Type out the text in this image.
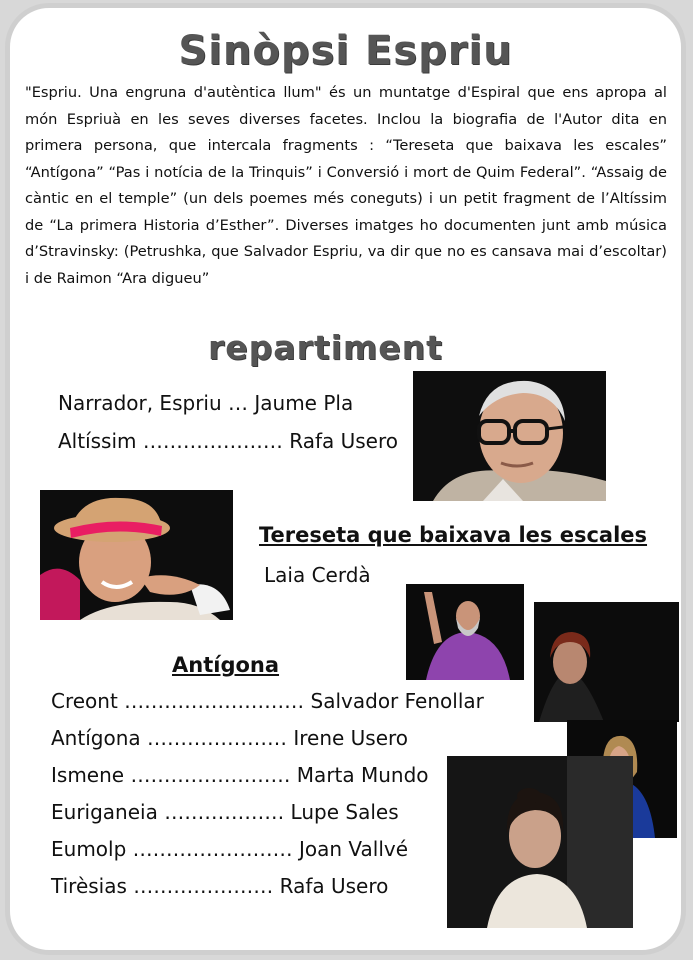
Sinòpsi Espriu

"Espriu. Una engruna d'autèntica llum" és un muntatge d'Espiral que ens apropa al món Espriuà en les seves diverses facetes. Inclou la biografia de l'Autor dita en primera persona, que intercala fragments : “Tereseta que baixava les escales” “Antígona” “Pas i notícia de la Trinquis” i Conversió i mort de Quim Federal”. “Assaig de càntic en el temple” (un dels poemes més coneguts) i un petit fragment de l’Altíssim de “La primera Historia d’Esther”. Diverses imatges ho documenten junt amb música d’Stravinsky: (Petrushka, que Salvador Espriu, va dir que no es cansava mai d’escoltar) i de Raimon “Ara digueu”

repartiment
Narrador, Espriu … Jaume Pla
Altíssim ………………… Rafa Usero
Tereseta que baixava les escales
Laia Cerdà
Antígona
Creont ……………………… Salvador Fenollar
Antígona ………………… Irene Usero
Ismene …………………… Marta Mundo
Euriganeia ……………… Lupe Sales
Eumolp …………………… Joan Vallvé
Tirèsias ………………… Rafa Usero
